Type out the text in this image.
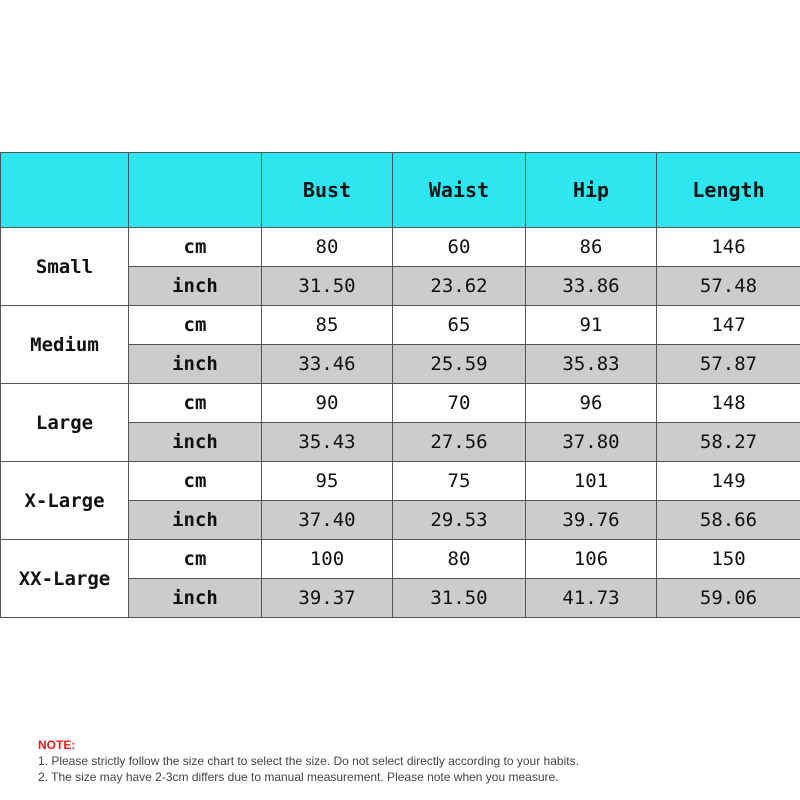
		Bust	Waist	Hip	Length
Small	cm	80	60	86	146
	inch	31.50	23.62	33.86	57.48
Medium	cm	85	65	91	147
	inch	33.46	25.59	35.83	57.87
Large	cm	90	70	96	148
	inch	35.43	27.56	37.80	58.27
X-Large	cm	95	75	101	149
	inch	37.40	29.53	39.76	58.66
XX-Large	cm	100	80	106	150
	inch	39.37	31.50	41.73	59.06
NOTE:
1. Please strictly follow the size chart to select the size. Do not select directly according to your habits.
2. The size may have 2-3cm differs due to manual measurement. Please note when you measure.
